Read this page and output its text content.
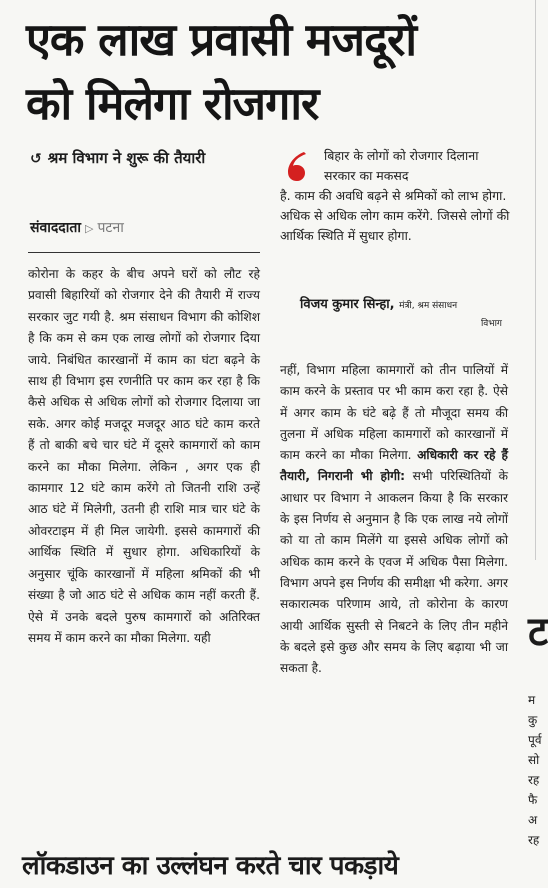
एक लाख प्रवासी मजदूरों
को मिलेगा रोजगार
↺ श्रम विभाग ने शुरू की तैयारी
संवाददाता ▷ पटना
कोरोना के कहर के बीच अपने घरों को लौट रहे प्रवासी बिहारियों को रोजगार देने की तैयारी में राज्य सरकार जुट गयी है. श्रम संसाधन विभाग की कोशिश है कि कम से कम एक लाख लोगों को रोजगार दिया जाये. निबंधित कारखानों में काम का घंटा बढ़ने के साथ ही विभाग इस रणनीति पर काम कर रहा है कि कैसे अधिक से अधिक लोगों को रोजगार दिलाया जा सके. अगर कोई मजदूर मजदूर आठ घंटे काम करते हैं तो बाकी बचे चार घंटे में दूसरे कामगारों को काम करने का मौका मिलेगा. लेकिन , अगर एक ही कामगार 12 घंटे काम करेंगे तो जितनी राशि उन्हें आठ घंटे में मिलेगी, उतनी ही राशि मात्र चार घंटे के ओवरटाइम में ही मिल जायेगी. इससे कामगारों की आर्थिक स्थिति में सुधार होगा. अधिकारियों के अनुसार चूंकि कारखानों में महिला श्रमिकों की भी संख्या है जो आठ घंटे से अधिक काम नहीं करती हैं. ऐसे में उनके बदले पुरुष कामगारों को अतिरिक्त समय में काम करने का मौका मिलेगा. यही
बिहार के लोगों को रोजगार दिलाना सरकार का मकसद
है. काम की अवधि बढ़ने से श्रमिकों को लाभ होगा. अधिक से अधिक लोग काम करेंगे. जिससे लोगों की आर्थिक स्थिति में सुधार होगा.
विजय कुमार सिन्हा, मंत्री, श्रम संसाधन
विभाग
नहीं, विभाग महिला कामगारों को तीन पालियों में काम करने के प्रस्ताव पर भी काम करा रहा है. ऐसे में अगर काम के घंटे बढ़े हैं तो मौजूदा समय की तुलना में अधिक महिला कामगारों को कारखानों में काम करने का मौका मिलेगा. अधिकारी कर रहे हैं तैयारी, निगरानी भी होगी: सभी परिस्थितियों के आधार पर विभाग ने आकलन किया है कि सरकार के इस निर्णय से अनुमान है कि एक लाख नये लोगों को या तो काम मिलेंगे या इससे अधिक लोगों को अधिक काम करने के एवज में अधिक पैसा मिलेगा. विभाग अपने इस निर्णय की समीक्षा भी करेगा. अगर सकारात्मक परिणाम आये, तो कोरोना के कारण आयी आर्थिक सुस्ती से निबटने के लिए तीन महीने के बदले इसे कुछ और समय के लिए बढ़ाया भी जा सकता है.
ट
म
कु
पूर्व
सो
रह
फै
अ
रह
लॉकडाउन का उल्लंघन करते चार पकड़ाये
